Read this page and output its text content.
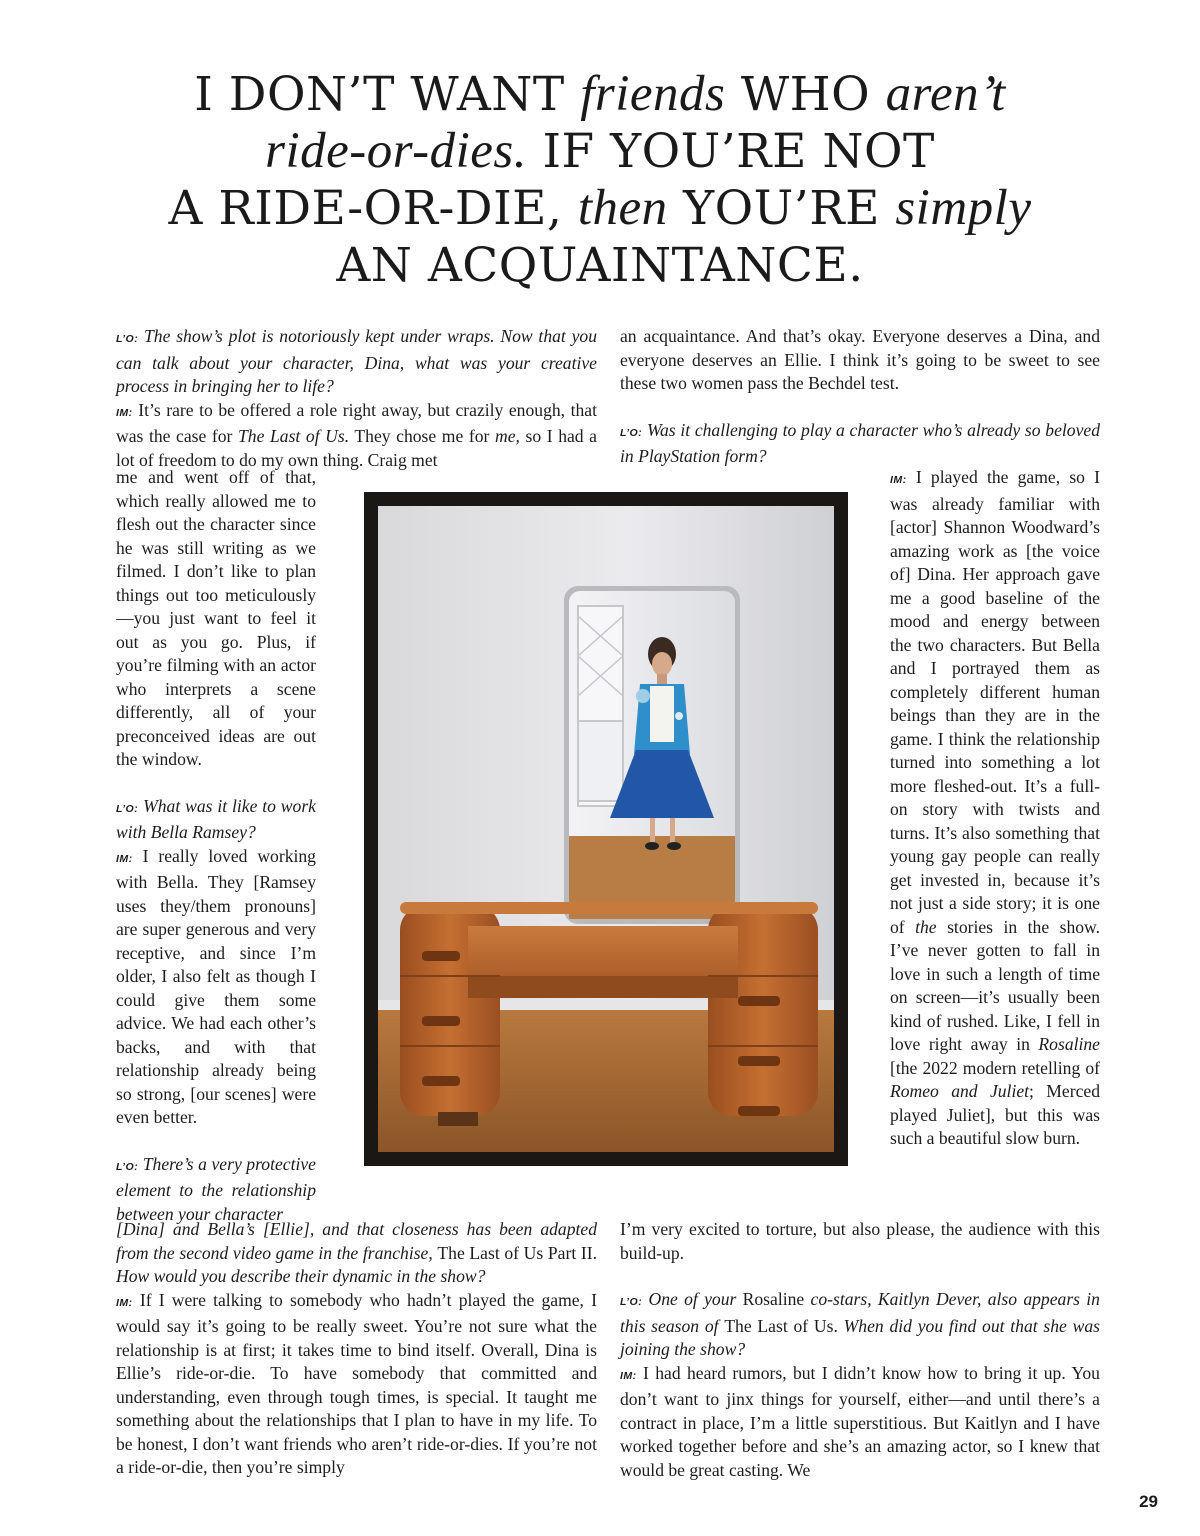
I DON’T WANT friends WHO aren’t
ride-or-dies. IF YOU’RE NOT
A RIDE-OR-DIE, then YOU’RE simply
AN ACQUAINTANCE.

L’O: The show’s plot is notoriously kept under wraps. Now that you can talk about your character, Dina, what was your creative process in bringing her to life?

IM: It’s rare to be offered a role right away, but crazily enough, that was the case for The Last of Us. They chose me for me, so I had a lot of freedom to do my own thing. Craig met

me and went off of that, which really allowed me to flesh out the character since he was still writing as we filmed. I don’t like to plan things out too meticulously—you just want to feel it out as you go. Plus, if you’re filming with an actor who interprets a scene differently, all of your preconceived ideas are out the window.

L’O: What was it like to work with Bella Ramsey?

IM: I really loved working with Bella. They [Ramsey uses they/them pronouns] are super generous and very receptive, and since I’m older, I also felt as though I could give them some advice. We had each other’s backs, and with that relationship already being so strong, [our scenes] were even better.

L’O: There’s a very protective element to the relationship between your character

[Dina] and Bella’s [Ellie], and that closeness has been adapted from the second video game in the franchise, The Last of Us Part II. How would you describe their dynamic in the show?

IM: If I were talking to somebody who hadn’t played the game, I would say it’s going to be really sweet. You’re not sure what the relationship is at first; it takes time to bind itself. Overall, Dina is Ellie’s ride-or-die. To have somebody that committed and understanding, even through tough times, is special. It taught me something about the relationships that I plan to have in my life. To be honest, I don’t want friends who aren’t ride-or-dies. If you’re not a ride-or-die, then you’re simply

an acquaintance. And that’s okay. Everyone deserves a Dina, and everyone deserves an Ellie. I think it’s going to be sweet to see these two women pass the Bechdel test.

L’O: Was it challenging to play a character who’s already so beloved in PlayStation form?

IM: I played the game, so I was already familiar with [actor] Shannon Woodward’s amazing work as [the voice of] Dina. Her approach gave me a good baseline of the mood and energy between the two characters. But Bella and I portrayed them as completely different human beings than they are in the game. I think the relationship turned into something a lot more fleshed-out. It’s a full-on story with twists and turns. It’s also something that young gay people can really get invested in, because it’s not just a side story; it is one of the stories in the show. I’ve never gotten to fall in love in such a length of time on screen—it’s usually been kind of rushed. Like, I fell in love right away in Rosaline [the 2022 modern retelling of Romeo and Juliet; Merced played Juliet], but this was such a beautiful slow burn.

I’m very excited to torture, but also please, the audience with this build-up.

L’O: One of your Rosaline co-stars, Kaitlyn Dever, also appears in this season of The Last of Us. When did you find out that she was joining the show?

IM: I had heard rumors, but I didn’t know how to bring it up. You don’t want to jinx things for yourself, either—and until there’s a contract in place, I’m a little superstitious. But Kaitlyn and I have worked together before and she’s an amazing actor, so I knew that would be great casting. We

29
